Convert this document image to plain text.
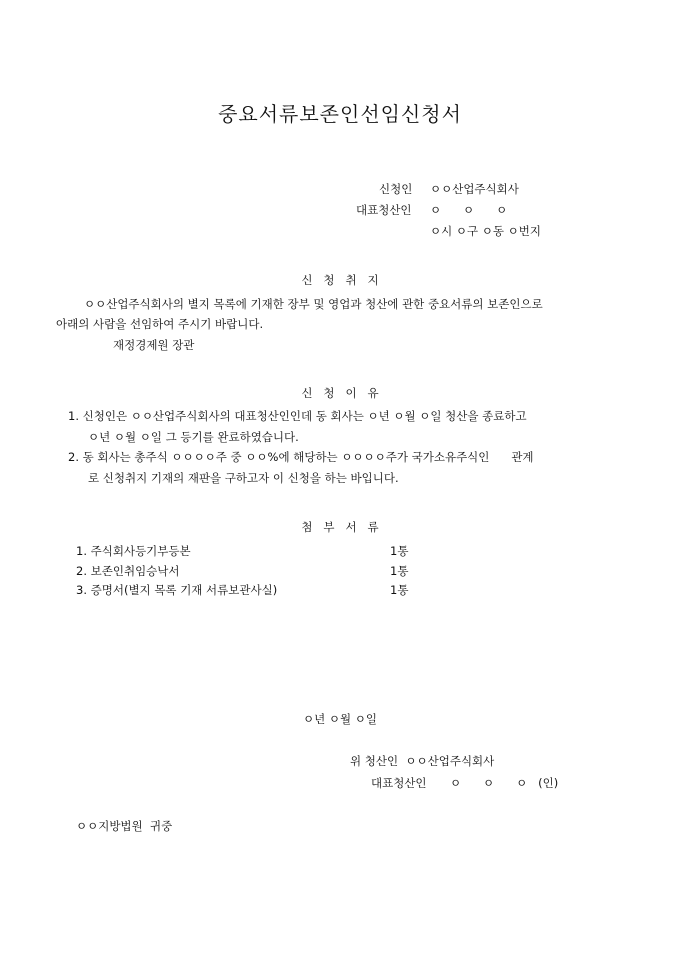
중요서류보존인선임신청서
신청인 ㅇㅇ산업주식회사
대표청산인 ㅇ      ㅇ      ㅇ
ㅇ시 ㅇ구 ㅇ동 ㅇ번지
신   청   취   지
ㅇㅇ산업주식회사의 별지 목록에 기재한 장부 및 영업과 청산에 관한 중요서류의 보존인으로
아래의 사람을 선임하여 주시기 바랍니다.
재정경제원 장관
신   청   이   유
1. 신청인은 ㅇㅇ산업주식회사의 대표청산인인데 동 회사는 ㅇ년 ㅇ월 ㅇ일 청산을 종료하고
ㅇ년 ㅇ월 ㅇ일 그 등기를 완료하였습니다.
2. 동 회사는 총주식 ㅇㅇㅇㅇ주 중 ㅇㅇ%에 해당하는 ㅇㅇㅇㅇ주가 국가소유주식인      관계
로 신청취지 기재의 재판을 구하고자 이 신청을 하는 바입니다.
첨   부   서   류
1. 주식회사등기부등본	1통
2. 보존인취임승낙서	1통
3. 증명서(별지 목록 기재 서류보관사실)	1통
ㅇ년 ㅇ월 ㅇ일
위 청산인  ㅇㅇ산업주식회사
대표청산인 ㅇ      ㅇ      ㅇ   (인)
ㅇㅇ지방법원  귀중
